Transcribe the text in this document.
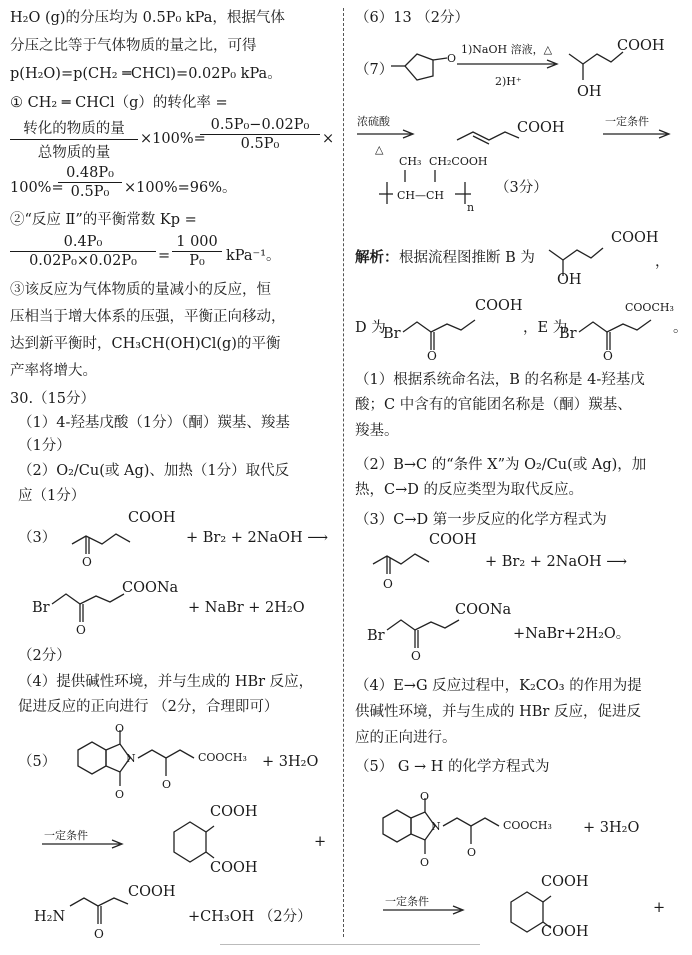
H₂O (g)的分压均为 0.5P₀ kPa，根据气体
分压之比等于气体物质的量之比，可得
p(H₂O)=p(CH₂ ═CHCl)=0.02P₀ kPa。
① CH₂ ═ CHCl（g）的转化率 =
转化的物质的量
总物质的量
×100%=
0.5P₀−0.02P₀
0.5P₀	×
100%=
0.48P₀
0.5P₀	×100%=96%。
②“反应 Ⅱ”的平衡常数 Kp =
0.4P₀
0.02P₀×0.02P₀	=
1 000
P₀	kPa⁻¹。
③该反应为气体物质的量减小的反应，恒
压相当于增大体系的压强，平衡正向移动，
达到新平衡时，CH₃CH(OH)Cl(g)的平衡
产率将增大。
30.（15分）
（1）4-羟基戊酸（1分）（酮）羰基、羧基
（1分）
（2）O₂/Cu(或 Ag)、加热（1分）取代反
应（1分）
（3）
O
COOH
+ Br₂ + 2NaOH ⟶
Br
O
COONa
+ NaBr + 2H₂O
（2分）
（4）提供碱性环境，并与生成的 HBr 反应，
促进反应的正向进行 （2分，合理即可）
（5）
O
O
N
O
COOCH₃ + 3H₂O
一定条件
COOH
COOH
+
H₂N
O
COOH
+CH₃OH （2分）
（6）13 （2分）
（7）
O
1)NaOH 溶液，△
2)H⁺
COOH
OH
浓硫酸
△
COOH	一定条件
CH₃ CH₂COOH
CH—CH
n
（3分）
解析： 根据流程图推断 B 为
COOH
OH
，
D 为
Br
O
COOH
，E 为
Br
O
COOCH₃
。
（1）根据系统命名法，B 的名称是 4-羟基戊
酸；C 中含有的官能团名称是（酮）羰基、
羧基。
（2）B→C 的“条件 X”为 O₂/Cu(或 Ag)，加
热，C→D 的反应类型为取代反应。
（3）C→D 第一步反应的化学方程式为
O
COOH
+ Br₂ + 2NaOH ⟶
Br
O
COONa
+NaBr+2H₂O。
（4）E→G 反应过程中，K₂CO₃ 的作用为提
供碱性环境，并与生成的 HBr 反应，促进反
应的正向进行。
（5） G → H 的化学方程式为
O
O
N
O
COOCH₃ + 3H₂O
一定条件
COOH
COOH
+
